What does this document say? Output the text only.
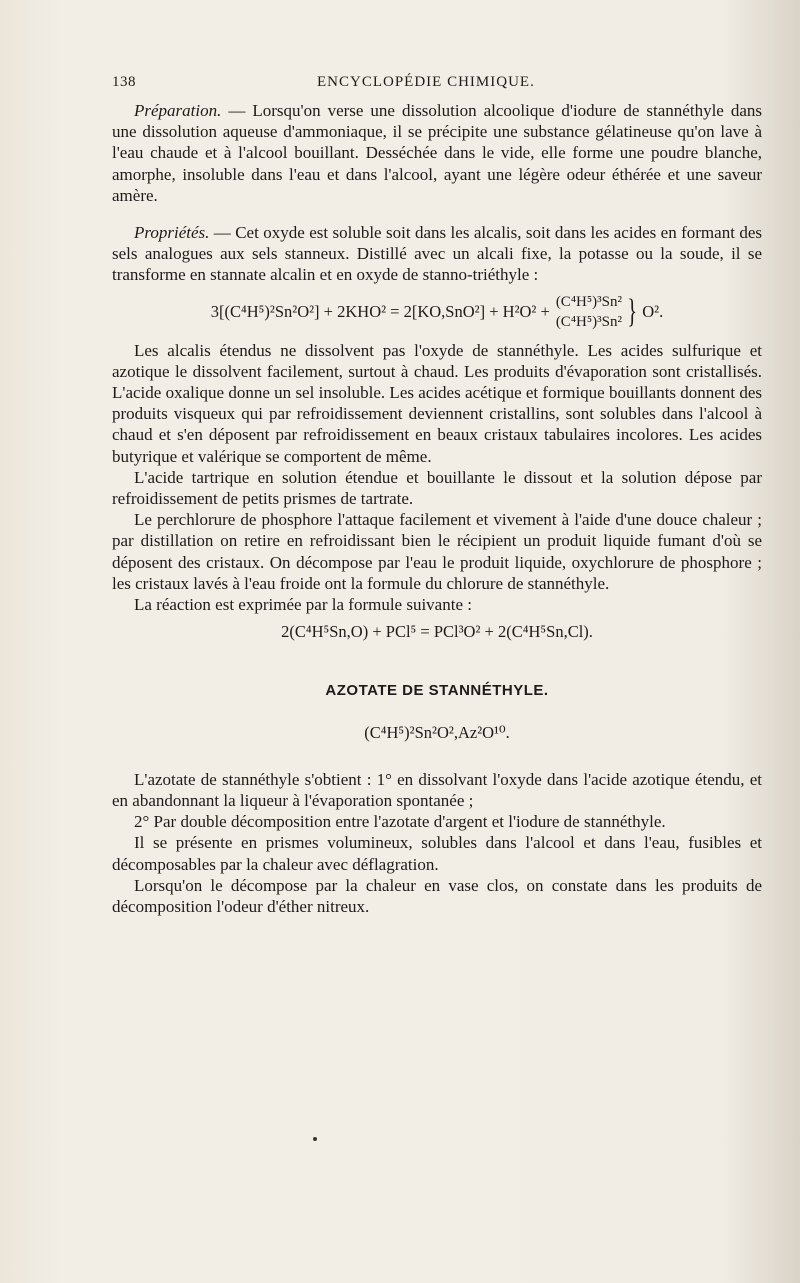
138	ENCYCLOPÉDIE CHIMIQUE.

Préparation. — Lorsqu'on verse une dissolution alcoolique d'iodure de stannéthyle dans une dissolution aqueuse d'ammoniaque, il se précipite une substance gélatineuse qu'on lave à l'eau chaude et à l'alcool bouillant. Desséchée dans le vide, elle forme une poudre blanche, amorphe, insoluble dans l'eau et dans l'alcool, ayant une légère odeur éthérée et une saveur amère.

Propriétés. — Cet oxyde est soluble soit dans les alcalis, soit dans les acides en formant des sels analogues aux sels stanneux. Distillé avec un alcali fixe, la potasse ou la soude, il se transforme en stannate alcalin et en oxyde de stanno-triéthyle :

3[(C⁴H⁵)²Sn²O²] + 2KHO² = 2[KO,SnO²] + H²O² +
(C⁴H⁵)³Sn²
(C⁴H⁵)³Sn² } O².

Les alcalis étendus ne dissolvent pas l'oxyde de stannéthyle. Les acides sulfurique et azotique le dissolvent facilement, surtout à chaud. Les produits d'évaporation sont cristallisés. L'acide oxalique donne un sel insoluble. Les acides acétique et formique bouillants donnent des produits visqueux qui par refroidissement deviennent cristallins, sont solubles dans l'alcool à chaud et s'en déposent par refroidissement en beaux cristaux tabulaires incolores. Les acides butyrique et valérique se comportent de même.

L'acide tartrique en solution étendue et bouillante le dissout et la solution dépose par refroidissement de petits prismes de tartrate.

Le perchlorure de phosphore l'attaque facilement et vivement à l'aide d'une douce chaleur ; par distillation on retire en refroidissant bien le récipient un produit liquide fumant d'où se déposent des cristaux. On décompose par l'eau le produit liquide, oxychlorure de phosphore ; les cristaux lavés à l'eau froide ont la formule du chlorure de stannéthyle.

La réaction est exprimée par la formule suivante :

2(C⁴H⁵Sn,O) + PCl⁵ = PCl³O² + 2(C⁴H⁵Sn,Cl).
AZOTATE DE STANNÉTHYLE.
(C⁴H⁵)²Sn²O²,Az²O¹⁰.

L'azotate de stannéthyle s'obtient : 1° en dissolvant l'oxyde dans l'acide azotique étendu, et en abandonnant la liqueur à l'évaporation spontanée ;

2° Par double décomposition entre l'azotate d'argent et l'iodure de stannéthyle.

Il se présente en prismes volumineux, solubles dans l'alcool et dans l'eau, fusibles et décomposables par la chaleur avec déflagration.

Lorsqu'on le décompose par la chaleur en vase clos, on constate dans les produits de décomposition l'odeur d'éther nitreux.
